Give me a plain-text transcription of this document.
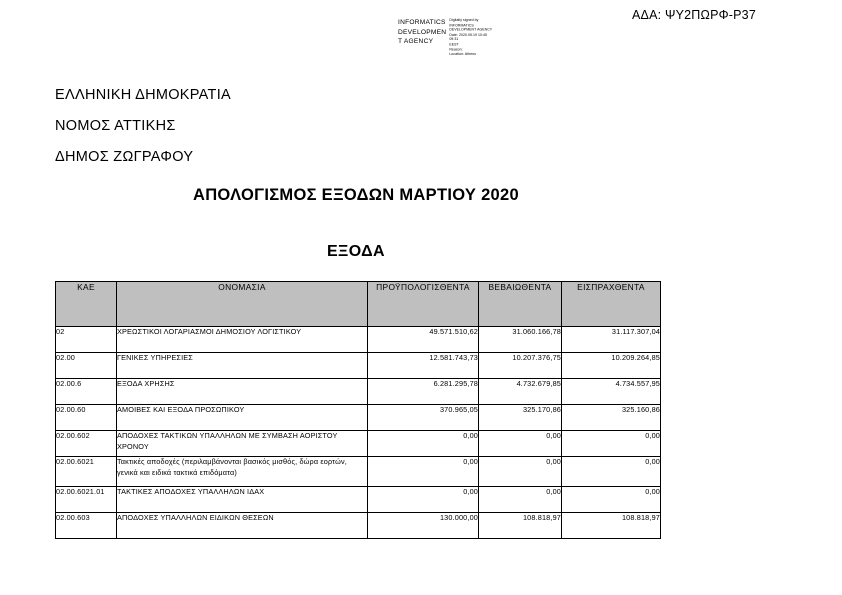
ΑΔΑ: ΨΥ2ΠΩΡΦ-Ρ37
INFORMATICS
DEVELOPMEN
T AGENCY
Digitally signed by
INFORMATICS
DEVELOPMENT AGENCY
Date: 2020.05.19 10:45
09:31
EEST
Reason:
Location: Athens
ΕΛΛΗΝΙΚΗ ΔΗΜΟΚΡΑΤΙΑ
ΝΟΜΟΣ ΑΤΤΙΚΗΣ
ΔΗΜΟΣ ΖΩΓΡΑΦΟΥ
ΑΠΟΛΟΓΙΣΜΟΣ ΕΞΟΔΩΝ ΜΑΡΤΙΟΥ 2020
ΕΞΟΔΑ
ΚΑΕ	ΟΝΟΜΑΣΙΑ	ΠΡΟΫΠΟΛΟΓΙΣΘΕΝΤΑ	ΒΕΒΑΙΩΘΕΝΤΑ	ΕΙΣΠΡΑΧΘΕΝΤΑ
02	ΧΡΕΩΣΤΙΚΟΙ ΛΟΓΑΡΙΑΣΜΟΙ ΔΗΜΟΣΙΟΥ ΛΟΓΙΣΤΙΚΟΥ	49.571.510,62	31.060.166,78	31.117.307,04
02.00	ΓΕΝΙΚΕΣ ΥΠΗΡΕΣΙΕΣ	12.581.743,73	10.207.376,75	10.209.264,85
02.00.6	ΕΞΟΔΑ ΧΡΗΣΗΣ	6.281.295,78	4.732.679,85	4.734.557,95
02.00.60	ΑΜΟΙΒΕΣ ΚΑΙ ΕΞΟΔΑ ΠΡΟΣΩΠΙΚΟΥ	370.965,05	325.170,86	325.160,86
02.00.602	ΑΠΟΔΟΧΕΣ ΤΑΚΤΙΚΩΝ ΥΠΑΛΛΗΛΩΝ ΜΕ ΣΥΜΒΑΣΗ ΑΟΡΙΣΤΟΥ ΧΡΟΝΟΥ	0,00	0,00	0,00
02.00.6021	Τακτικές αποδοχές (περιλαμβάνονται βασικός μισθός, δώρα εορτών, γενικά και ειδικά τακτικά επιδόματα)	0,00	0,00	0,00
02.00.6021.01	ΤΑΚΤΙΚΕΣ ΑΠΟΔΟΧΕΣ ΥΠΑΛΛΗΛΩΝ ΙΔΑΧ	0,00	0,00	0,00
02.00.603	ΑΠΟΔΟΧΕΣ ΥΠΑΛΛΗΛΩΝ ΕΙΔΙΚΩΝ ΘΕΣΕΩΝ	130.000,00	108.818,97	108.818,97
